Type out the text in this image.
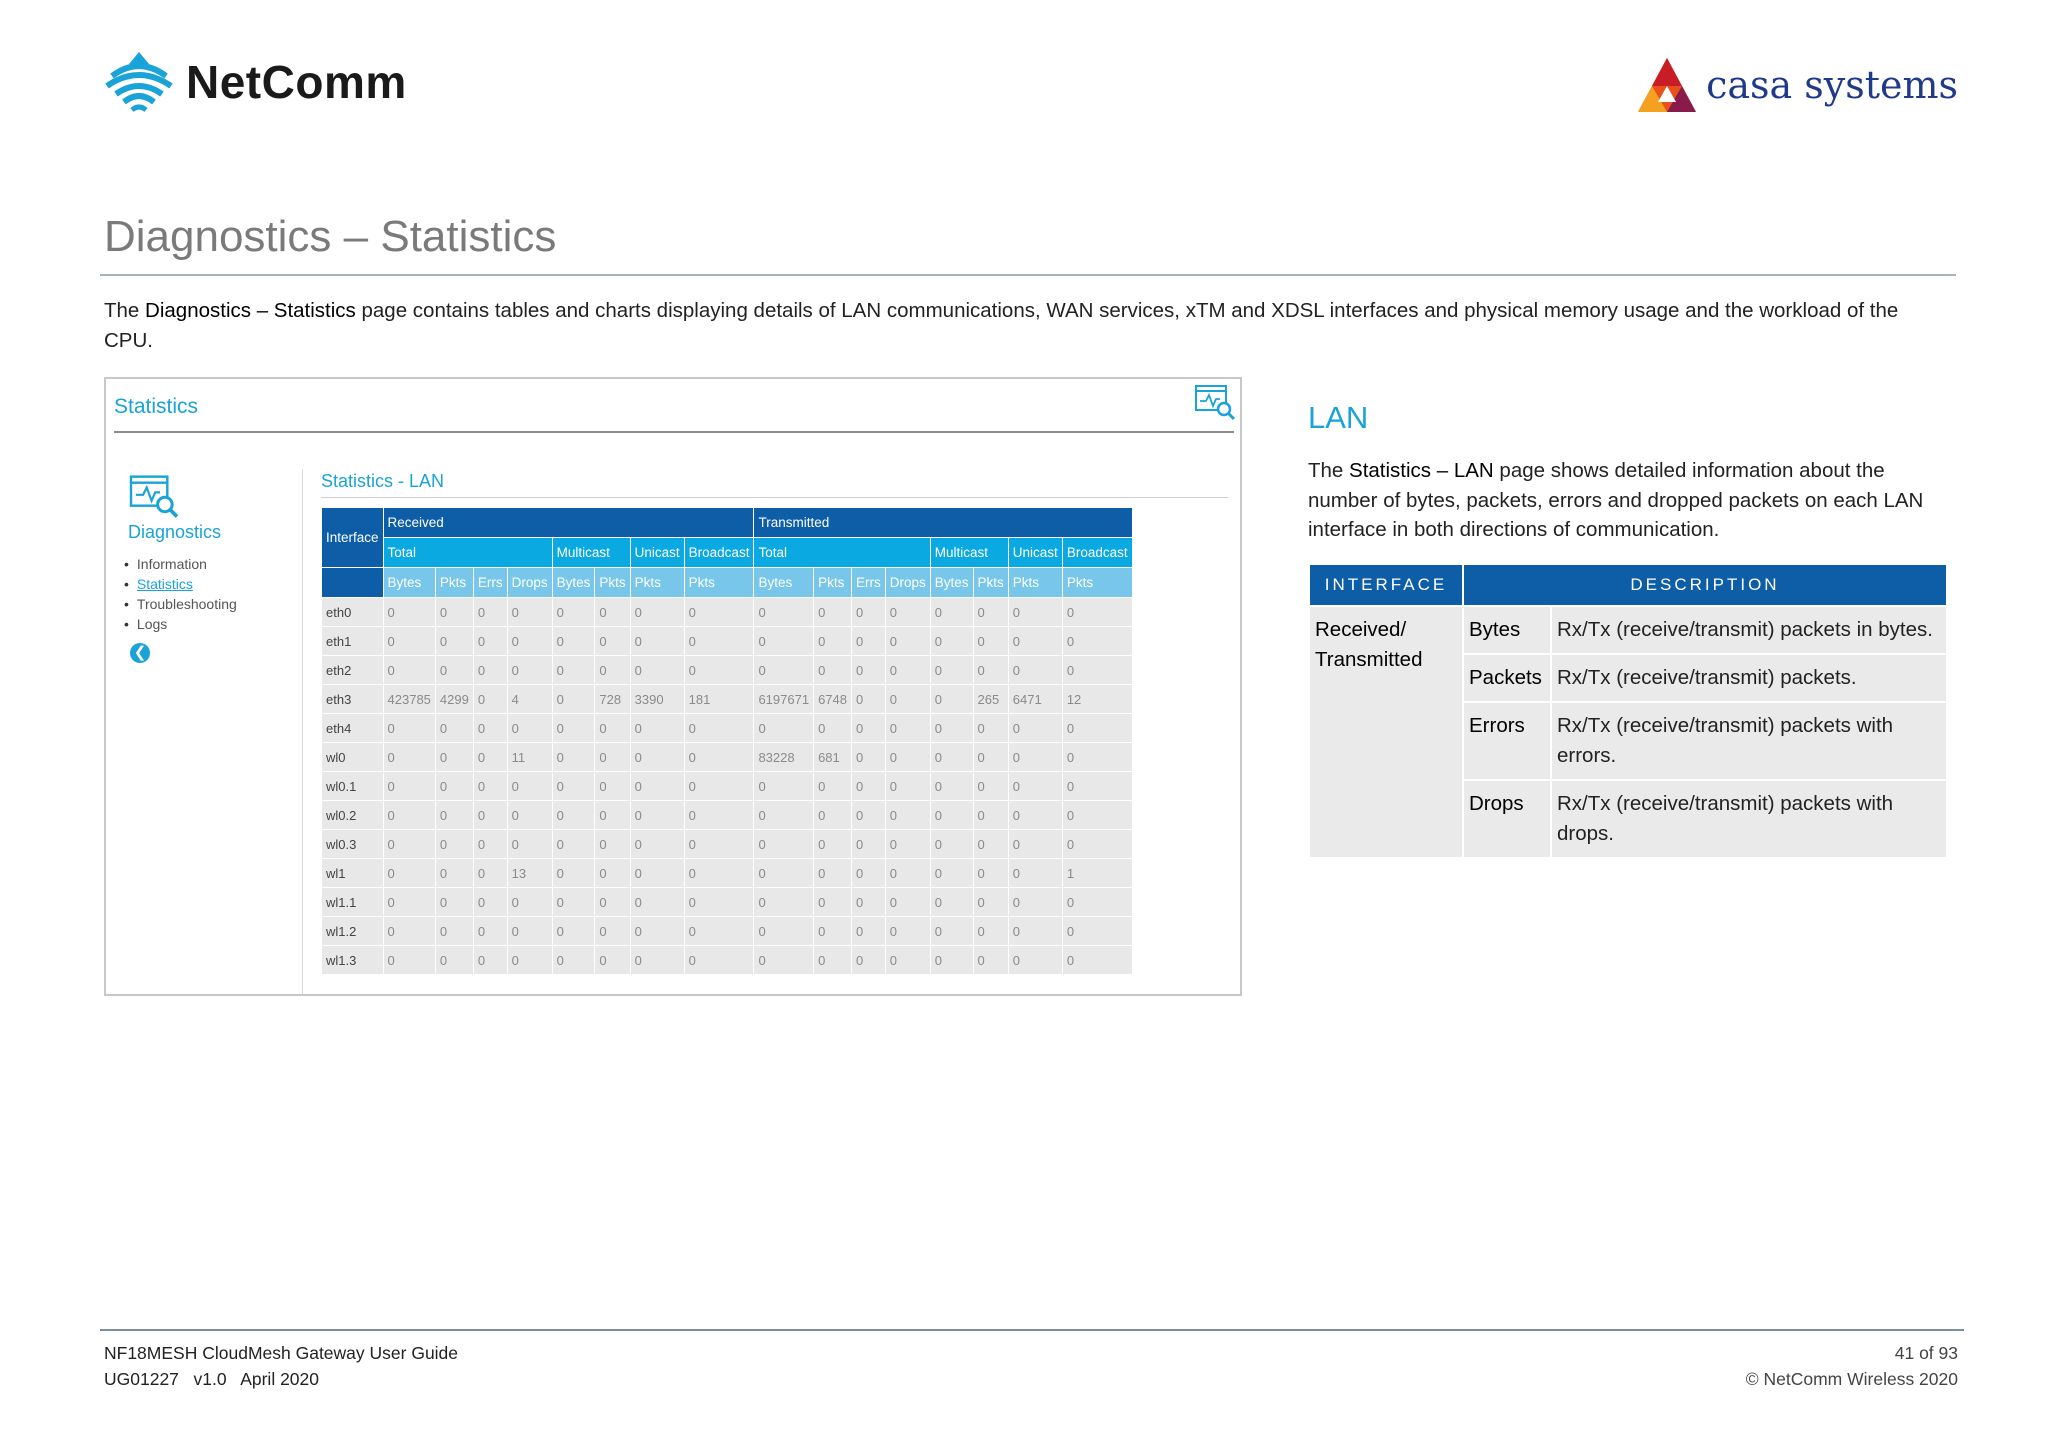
NetComm	casa systems
Diagnostics – Statistics
The Diagnostics – Statistics page contains tables and charts displaying details of LAN communications, WAN services, xTM and XDSL interfaces and physical memory usage and the workload of the CPU.
Statistics
Diagnostics
• Information
• Statistics
• Troubleshooting
• Logs
❮
Statistics - LAN
Interface	Received								Transmitted							
	Total				Multicast		Unicast	Broadcast	Total				Multicast		Unicast	Broadcast
	Bytes	Pkts	Errs	Drops	Bytes	Pkts	Pkts	Pkts	Bytes	Pkts	Errs	Drops	Bytes	Pkts	Pkts	Pkts
eth0	0	0	0	0	0	0	0	0	0	0	0	0	0	0	0	0
eth1	0	0	0	0	0	0	0	0	0	0	0	0	0	0	0	0
eth2	0	0	0	0	0	0	0	0	0	0	0	0	0	0	0	0
eth3	423785	4299	0	4	0	728	3390	181	6197671	6748	0	0	0	265	6471	12
eth4	0	0	0	0	0	0	0	0	0	0	0	0	0	0	0	0
wl0	0	0	0	11	0	0	0	0	83228	681	0	0	0	0	0	0
wl0.1	0	0	0	0	0	0	0	0	0	0	0	0	0	0	0	0
wl0.2	0	0	0	0	0	0	0	0	0	0	0	0	0	0	0	0
wl0.3	0	0	0	0	0	0	0	0	0	0	0	0	0	0	0	0
wl1	0	0	0	13	0	0	0	0	0	0	0	0	0	0	0	1
wl1.1	0	0	0	0	0	0	0	0	0	0	0	0	0	0	0	0
wl1.2	0	0	0	0	0	0	0	0	0	0	0	0	0	0	0	0
wl1.3	0	0	0	0	0	0	0	0	0	0	0	0	0	0	0	0
LAN
The Statistics – LAN page shows detailed information about the number of bytes, packets, errors and dropped packets on each LAN interface in both directions of communication.
INTERFACE	DESCRIPTION	
Received/ Transmitted	Bytes	Rx/Tx (receive/transmit) packets in bytes.
	Packets	Rx/Tx (receive/transmit) packets.
	Errors	Rx/Tx (receive/transmit) packets with errors.
	Drops	Rx/Tx (receive/transmit) packets with drops.
NF18MESH CloudMesh Gateway User Guide
UG01227   v1.0   April 2020
41 of 93
© NetComm Wireless 2020
